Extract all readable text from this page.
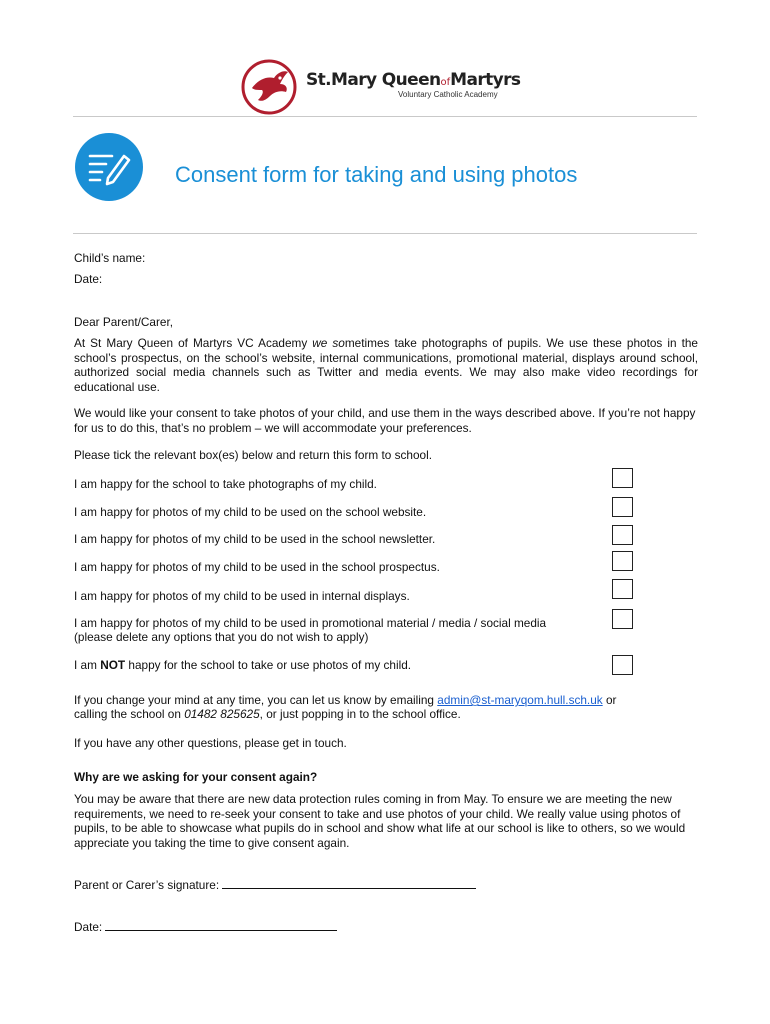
St.Mary QueenofMartyrs
Voluntary Catholic Academy
Consent form for taking and using photos
Child’s name:
Date:
Dear Parent/Carer,
At St Mary Queen of Martyrs VC Academy we sometimes take photographs of pupils. We use these photos in the school’s prospectus, on the school’s website, internal communications, promotional material, displays around school, authorized social media channels such as Twitter and media events. We may also make video recordings for educational use.
We would like your consent to take photos of your child, and use them in the ways described above. If you’re not happy for us to do this, that’s no problem – we will accommodate your preferences.
Please tick the relevant box(es) below and return this form to school.
I am happy for the school to take photographs of my child.
I am happy for photos of my child to be used on the school website.
I am happy for photos of my child to be used in the school newsletter.
I am happy for photos of my child to be used in the school prospectus.
I am happy for photos of my child to be used in internal displays.
I am happy for photos of my child to be used in promotional material / media / social media
(please delete any options that you do not wish to apply)
I am NOT happy for the school to take or use photos of my child.
If you change your mind at any time, you can let us know by emailing admin@st-maryqom.hull.sch.uk or
calling the school on 01482 825625, or just popping in to the school office.
If you have any other questions, please get in touch.
Why are we asking for your consent again?
You may be aware that there are new data protection rules coming in from May. To ensure we are meeting the new requirements, we need to re-seek your consent to take and use photos of your child. We really value using photos of pupils, to be able to showcase what pupils do in school and show what life at our school is like to others, so we would appreciate you taking the time to give consent again.
Parent or Carer’s signature:
Date:
